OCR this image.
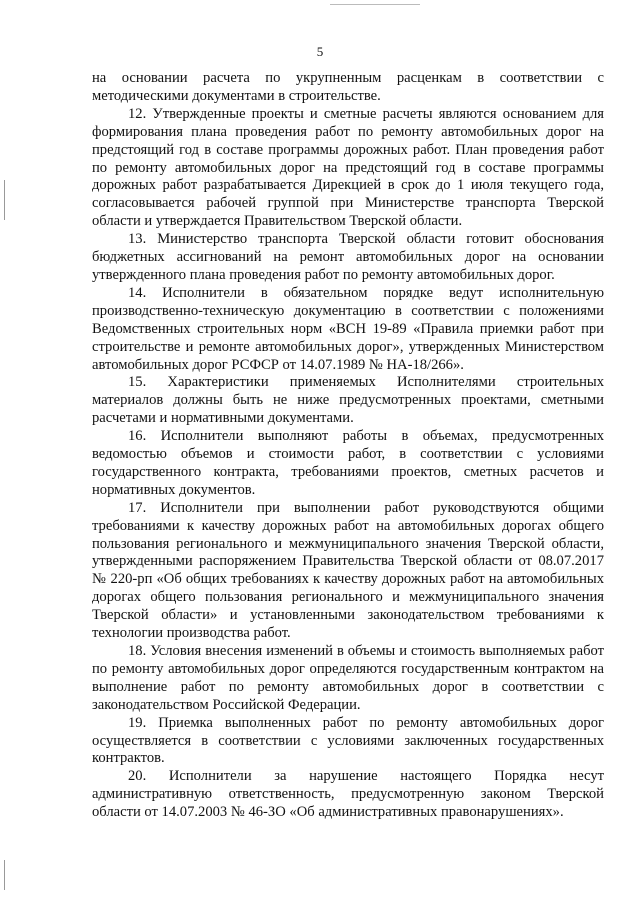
5

на основании расчета по укрупненным расценкам в соответствии с методическими документами в строительстве.

12. Утвержденные проекты и сметные расчеты являются основанием для формирования плана проведения работ по ремонту автомобильных дорог на предстоящий год в составе программы дорожных работ. План проведения работ по ремонту автомобильных дорог на предстоящий год в составе программы дорожных работ разрабатывается Дирекцией в срок до 1 июля текущего года, согласовывается рабочей группой при Министерстве транспорта Тверской области и утверждается Правительством Тверской области.

13. Министерство транспорта Тверской области готовит обоснования бюджетных ассигнований на ремонт автомобильных дорог на основании утвержденного плана проведения работ по ремонту автомобильных дорог.

14. Исполнители в обязательном порядке ведут исполнительную производственно-техническую документацию в соответствии с положениями Ведомственных строительных норм «ВСН 19-89 «Правила приемки работ при строительстве и ремонте автомобильных дорог», утвержденных Министерством автомобильных дорог РСФСР от 14.07.1989 № НА-18/266».

15. Характеристики применяемых Исполнителями строительных материалов должны быть не ниже предусмотренных проектами, сметными расчетами и нормативными документами.

16. Исполнители выполняют работы в объемах, предусмотренных ведомостью объемов и стоимости работ, в соответствии с условиями государственного контракта, требованиями проектов, сметных расчетов и нормативных документов.

17. Исполнители при выполнении работ руководствуются общими требованиями к качеству дорожных работ на автомобильных дорогах общего пользования регионального и межмуниципального значения Тверской области, утвержденными распоряжением Правительства Тверской области от 08.07.2017 № 220-рп «Об общих требованиях к качеству дорожных работ на автомобильных дорогах общего пользования регионального и межмуниципального значения Тверской области» и установленными законодательством требованиями к технологии производства работ.

18. Условия внесения изменений в объемы и стоимость выполняемых работ по ремонту автомобильных дорог определяются государственным контрактом на выполнение работ по ремонту автомобильных дорог в соответствии с законодательством Российской Федерации.

19. Приемка выполненных работ по ремонту автомобильных дорог осуществляется в соответствии с условиями заключенных государственных контрактов.

20. Исполнители за нарушение настоящего Порядка несут административную ответственность, предусмотренную законом Тверской области от 14.07.2003 № 46-ЗО «Об административных правонарушениях».
